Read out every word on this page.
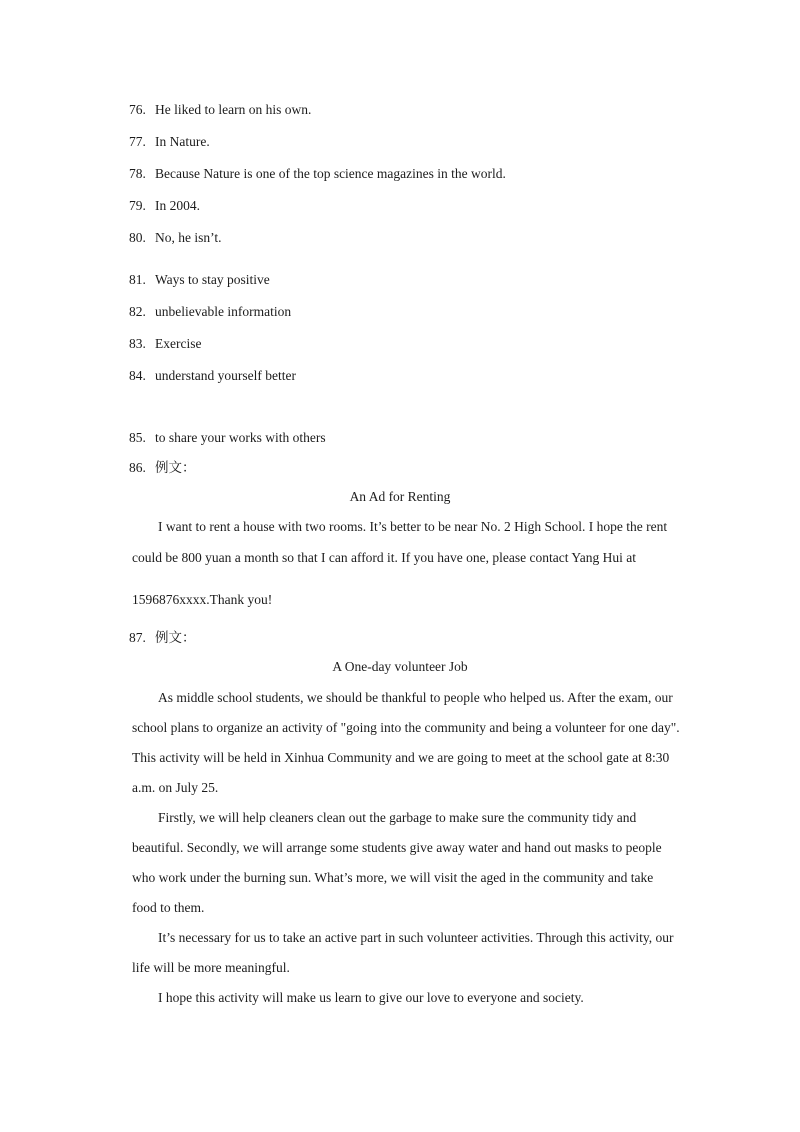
76. He liked to learn on his own.
77. In Nature.
78. Because Nature is one of the top science magazines in the world.
79. In 2004.
80. No, he isn’t.
81. Ways to stay positive
82. unbelievable information
83. Exercise
84. understand yourself better
85. to share your works with others
86. 例文：
An Ad for Renting
I want to rent a house with two rooms. It’s better to be near No. 2 High School. I hope the rent
could be 800 yuan a month so that I can afford it. If you have one, please contact Yang Hui at
1596876xxxx.Thank you!
87. 例文：
A One-day volunteer Job
As middle school students, we should be thankful to people who helped us. After the exam, our
school plans to organize an activity of "going into the community and being a volunteer for one day".
This activity will be held in Xinhua Community and we are going to meet at the school gate at 8:30
a.m. on July 25.
Firstly, we will help cleaners clean out the garbage to make sure the community tidy and
beautiful. Secondly, we will arrange some students give away water and hand out masks to people
who work under the burning sun. What’s more, we will visit the aged in the community and take
food to them.
It’s necessary for us to take an active part in such volunteer activities. Through this activity, our
life will be more meaningful.
I hope this activity will make us learn to give our love to everyone and society.
